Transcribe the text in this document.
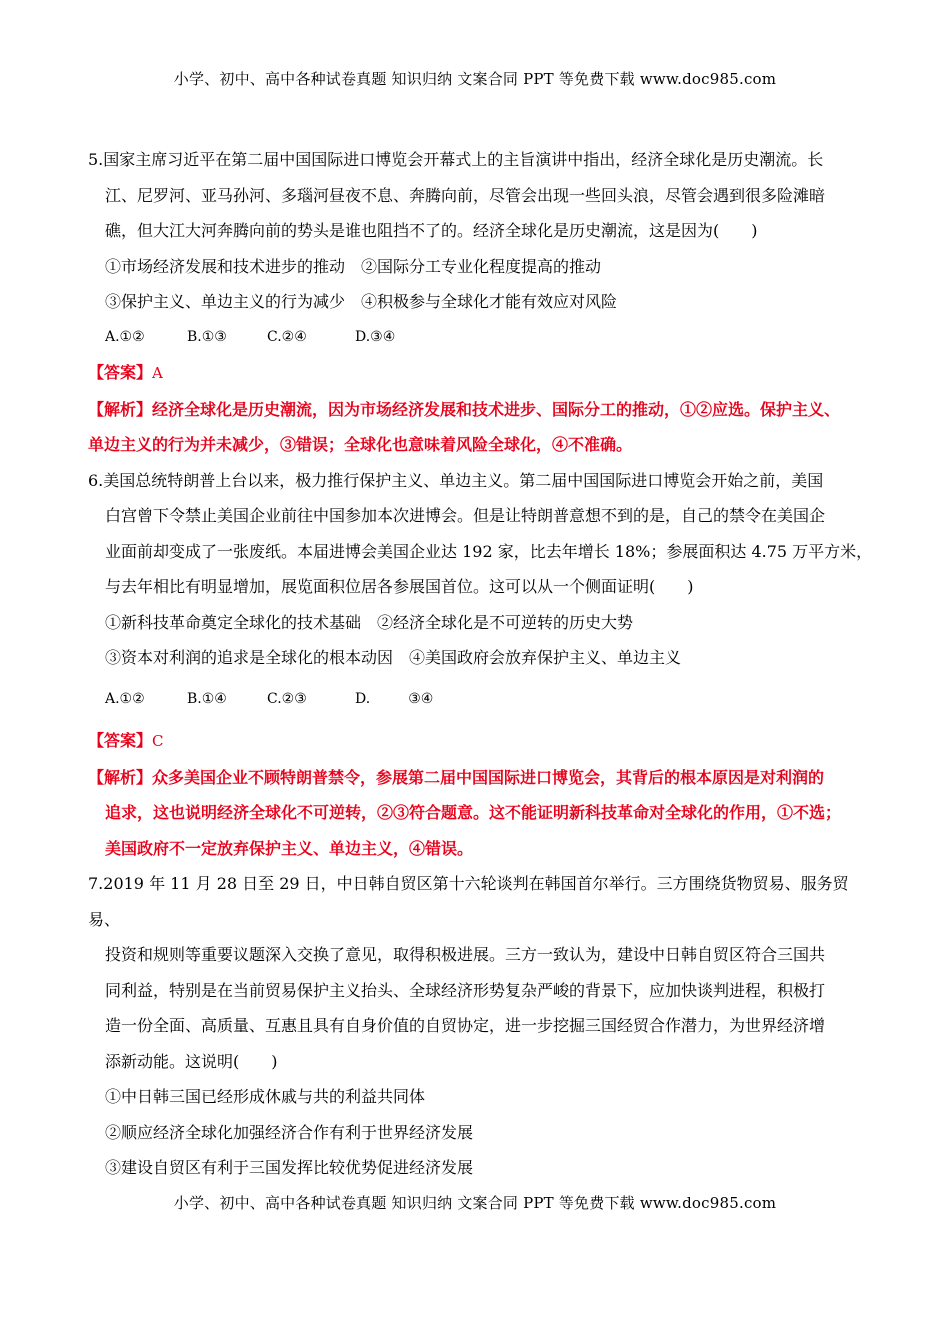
小学、初中、高中各种试卷真题 知识归纳 文案合同 PPT 等免费下载 www.doc985.com

5.国家主席习近平在第二届中国国际进口博览会开幕式上的主旨演讲中指出，经济全球化是历史潮流。长

江、尼罗河、亚马孙河、多瑙河昼夜不息、奔腾向前，尽管会出现一些回头浪，尽管会遇到很多险滩暗

礁，但大江大河奔腾向前的势头是谁也阻挡不了的。经济全球化是历史潮流，这是因为(　　)

①市场经济发展和技术进步的推动　②国际分工专业化程度提高的推动

③保护主义、单边主义的行为减少　④积极参与全球化才能有效应对风险

A.①②	B.①③	C.②④	D.③④

【答案】A

【解析】经济全球化是历史潮流，因为市场经济发展和技术进步、国际分工的推动，①②应选。保护主义、

单边主义的行为并未减少，③错误；全球化也意味着风险全球化，④不准确。

6.美国总统特朗普上台以来，极力推行保护主义、单边主义。第二届中国国际进口博览会开始之前，美国

白宫曾下令禁止美国企业前往中国参加本次进博会。但是让特朗普意想不到的是，自己的禁令在美国企

业面前却变成了一张废纸。本届进博会美国企业达 192 家，比去年增长 18%；参展面积达 4.75 万平方米，

与去年相比有明显增加，展览面积位居各参展国首位。这可以从一个侧面证明(　　)

①新科技革命奠定全球化的技术基础　②经济全球化是不可逆转的历史大势

③资本对利润的追求是全球化的根本动因　④美国政府会放弃保护主义、单边主义

A.①②	B.①④	C.②③	D.	③④

【答案】C

【解析】众多美国企业不顾特朗普禁令，参展第二届中国国际进口博览会，其背后的根本原因是对利润的

追求，这也说明经济全球化不可逆转，②③符合题意。这不能证明新科技革命对全球化的作用，①不选；

美国政府不一定放弃保护主义、单边主义，④错误。

7.2019 年 11 月 28 日至 29 日，中日韩自贸区第十六轮谈判在韩国首尔举行。三方围绕货物贸易、服务贸易、

投资和规则等重要议题深入交换了意见，取得积极进展。三方一致认为，建设中日韩自贸区符合三国共

同利益，特别是在当前贸易保护主义抬头、全球经济形势复杂严峻的背景下，应加快谈判进程，积极打

造一份全面、高质量、互惠且具有自身价值的自贸协定，进一步挖掘三国经贸合作潜力，为世界经济增

添新动能。这说明(　　)

①中日韩三国已经形成休戚与共的利益共同体

②顺应经济全球化加强经济合作有利于世界经济发展

③建设自贸区有利于三国发挥比较优势促进经济发展

小学、初中、高中各种试卷真题 知识归纳 文案合同 PPT 等免费下载 www.doc985.com
